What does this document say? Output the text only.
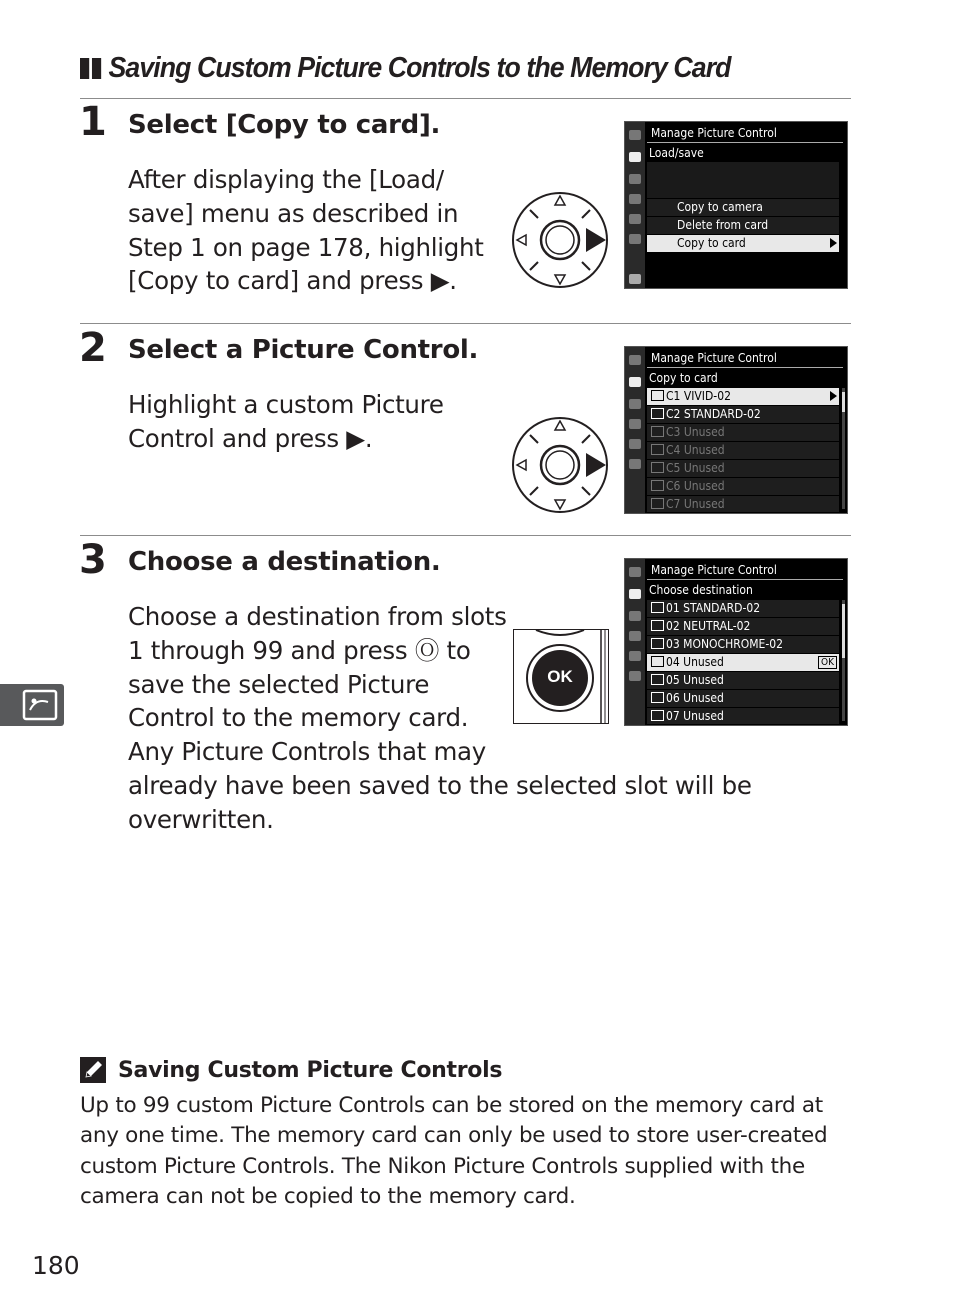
Saving Custom Picture Controls to the Memory Card
1 Select [Copy to card].
After displaying the [Load/
save] menu as described in
Step 1 on page 178, highlight
[Copy to card] and press ▶.
Manage Picture Control
Load/save
Copy to camera
Delete from card
Copy to card
2 Select a Picture Control.
Highlight a custom Picture
Control and press ▶.
Manage Picture Control
Copy to card
C1 VIVID-02
C2 STANDARD-02
C3 Unused
C4 Unused
C5 Unused
C6 Unused
C7 Unused
3 Choose a destination.
Choose a destination from slots
1 through 99 and press Ⓞ to
save the selected Picture
Control to the memory card.
Any Picture Controls that may
already have been saved to the selected slot will be
overwritten.
OK
Manage Picture Control
Choose destination
01 STANDARD-02
02 NEUTRAL-02
03 MONOCHROME-02
04 Unused	OK
05 Unused
06 Unused
07 Unused
Saving Custom Picture Controls
Up to 99 custom Picture Controls can be stored on the memory card at
any one time. The memory card can only be used to store user-created
custom Picture Controls. The Nikon Picture Controls supplied with the
camera can not be copied to the memory card.
180
